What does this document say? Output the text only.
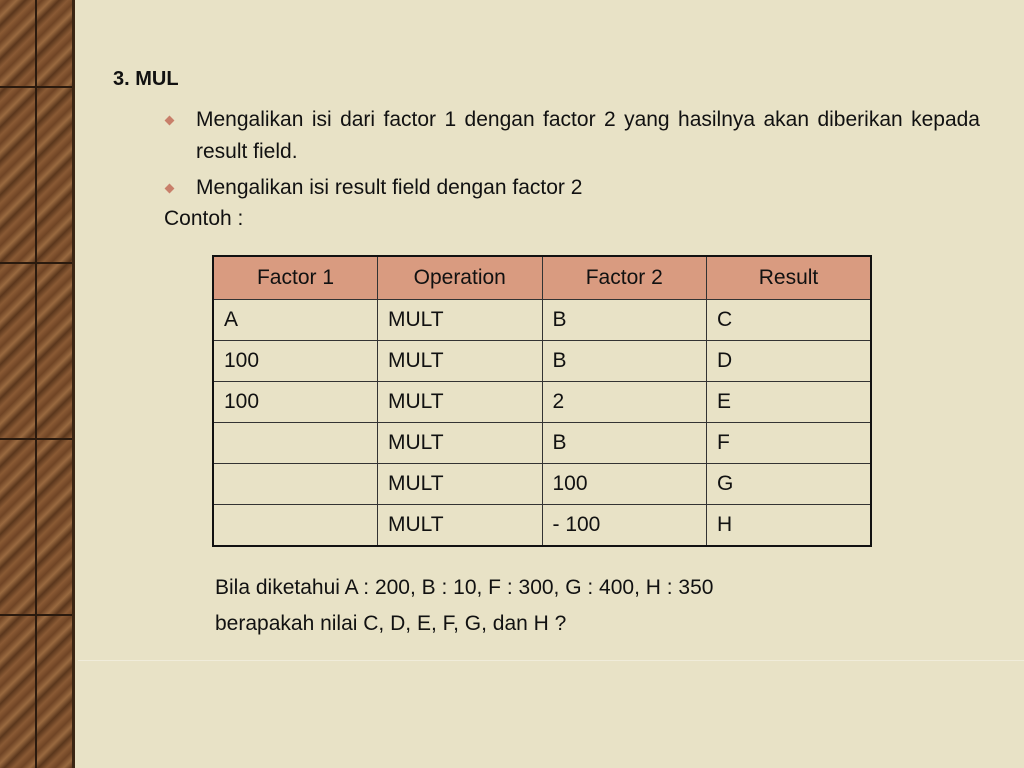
3. MUL
Mengalikan isi dari factor 1 dengan factor 2 yang hasilnya akan diberikan kepada result field.
Mengalikan isi result field dengan factor 2
Contoh :
Factor 1	Operation	Factor 2	Result
A	MULT	B	C
100	MULT	B	D
100	MULT	2	E
	MULT	B	F
	MULT	100	G
	MULT	- 100	H
Bila diketahui A : 200, B : 10, F : 300, G : 400, H : 350
berapakah nilai C, D, E, F, G, dan H ?
